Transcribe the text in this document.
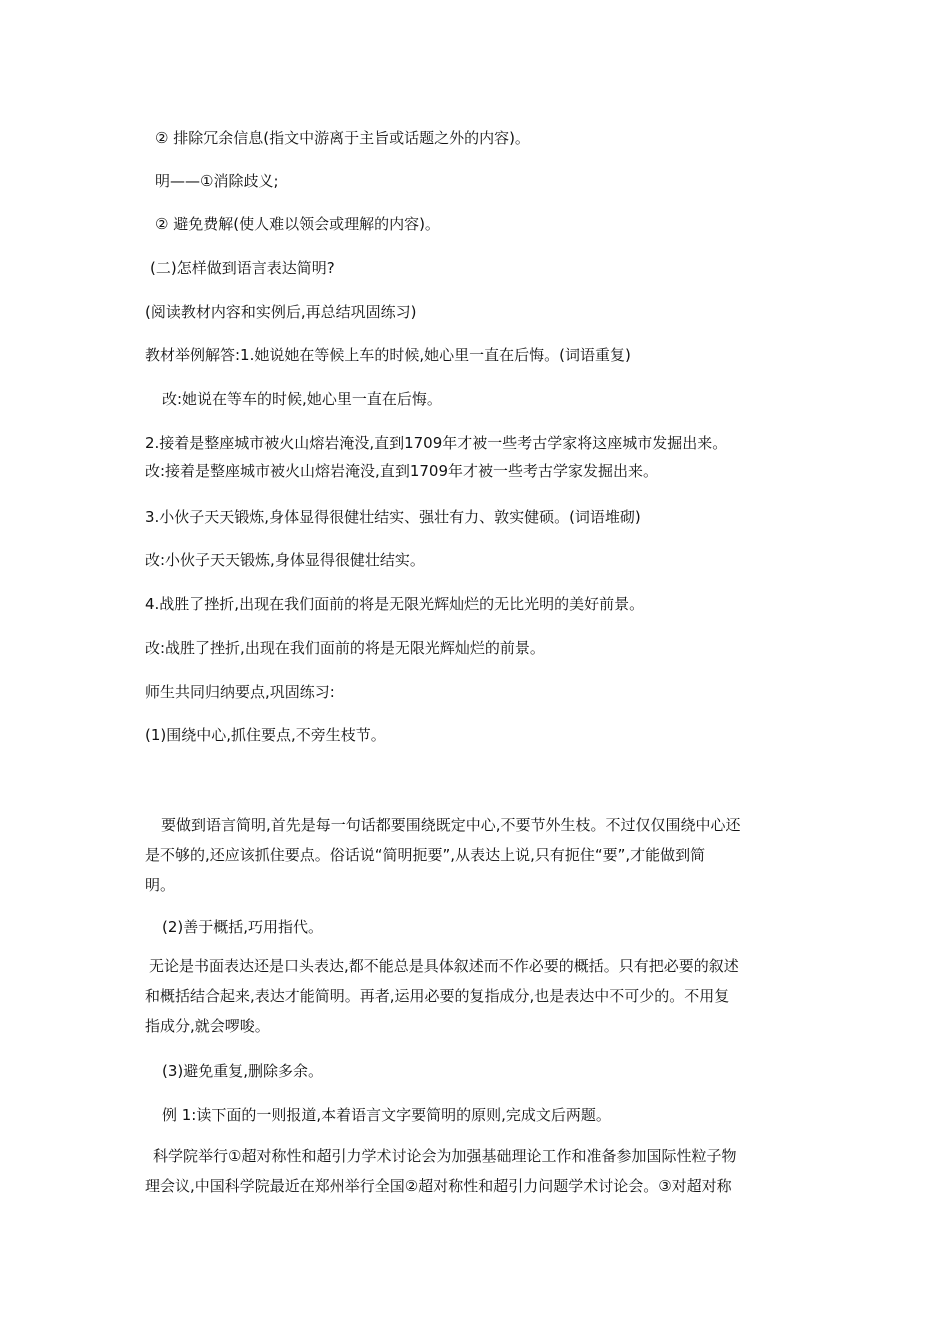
② 排除冗余信息(指文中游离于主旨或话题之外的内容)。
明——①消除歧义;
② 避免费解(使人难以领会或理解的内容)。
(二)怎样做到语言表达简明?
(阅读教材内容和实例后,再总结巩固练习)
教材举例解答:1.她说她在等候上车的时候,她心里一直在后悔。(词语重复)
改:她说在等车的时候,她心里一直在后悔。
2.接着是整座城市被火山熔岩淹没,直到1709年才被一些考古学家将这座城市发掘出来。
改:接着是整座城市被火山熔岩淹没,直到1709年才被一些考古学家发掘出来。
3.小伙子天天锻炼,身体显得很健壮结实、强壮有力、敦实健硕。(词语堆砌)
改:小伙子天天锻炼,身体显得很健壮结实。
4.战胜了挫折,出现在我们面前的将是无限光辉灿烂的无比光明的美好前景。
改:战胜了挫折,出现在我们面前的将是无限光辉灿烂的前景。
师生共同归纳要点,巩固练习:
(1)围绕中心,抓住要点,不旁生枝节。
要做到语言简明,首先是每一句话都要围绕既定中心,不要节外生枝。不过仅仅围绕中心还
是不够的,还应该抓住要点。俗话说“简明扼要”,从表达上说,只有扼住“要”,才能做到简
明。
(2)善于概括,巧用指代。
无论是书面表达还是口头表达,都不能总是具体叙述而不作必要的概括。只有把必要的叙述
和概括结合起来,表达才能简明。再者,运用必要的复指成分,也是表达中不可少的。不用复
指成分,就会啰唆。
(3)避免重复,删除多余。
例 1:读下面的一则报道,本着语言文字要简明的原则,完成文后两题。
科学院举行①超对称性和超引力学术讨论会为加强基础理论工作和准备参加国际性粒子物
理会议,中国科学院最近在郑州举行全国②超对称性和超引力问题学术讨论会。③对超对称
